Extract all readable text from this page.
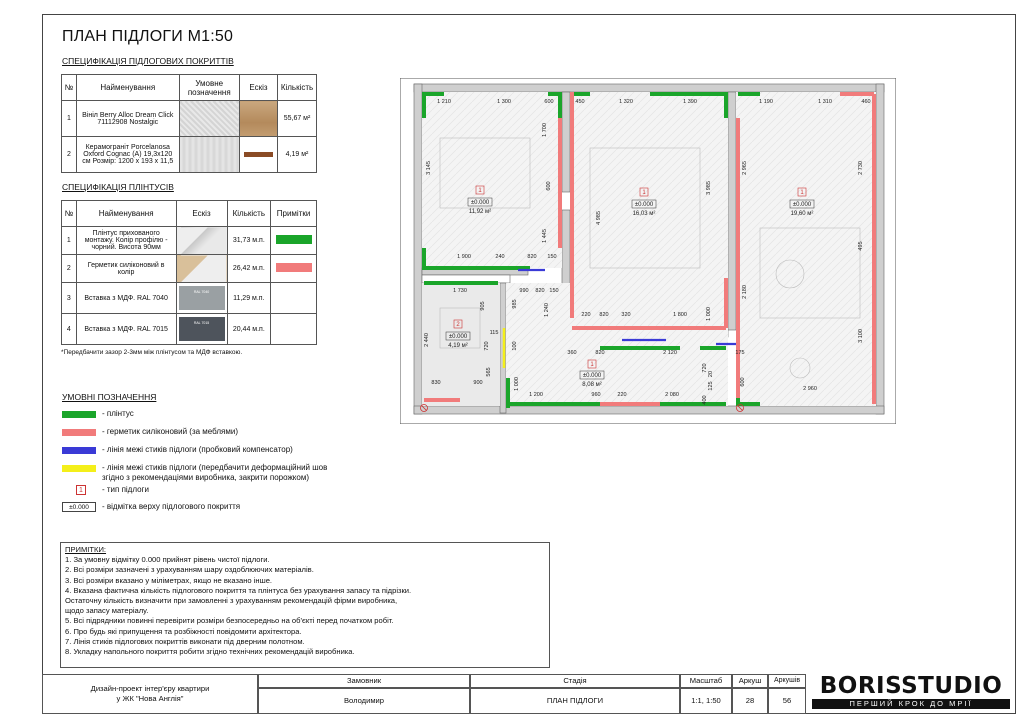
ПЛАН ПІДЛОГИ М1:50
СПЕЦИФІКАЦІЯ ПІДЛОГОВИХ ПОКРИТТІВ
№	Найменування	Умовне позначення	Ескіз	Кількість
1	Вініл Berry Alloc Dream Click 71112908 Nostalgic			55,67 м²
2	Керамограніт Porcelanosa Oxford Cognac (A) 19,3х120 см Розмір: 1200 х 193 х 11,5			4,19 м²
СПЕЦИФІКАЦІЯ ПЛІНТУСІВ
№	Найменування	Ескіз	Кількість	Примітки
1	Плінтус прихованого монтажу. Колір профілю - чорний. Висота 90мм		31,73 м.п.	
2	Герметик силіконовий в колір		26,42 м.п.	
3	Вставка з МДФ. RAL 7040	RAL 7040	11,29 м.п.	
4	Вставка з МДФ. RAL 7015	RAL 7015	20,44 м.п.	
*Передбачити зазор 2-3мм між плінтусом та МДФ вставкою.
УМОВНІ ПОЗНАЧЕННЯ
- плінтус
- герметик силіконовий (за меблями)
- лінія межі стиків підлоги (пробковий компенсатор)
- лінія межі стиків підлоги (передбачити деформаційний шов
згідно з рекомендаціями виробника, закрити порожком)
1	- тип підлоги
±0.000	- відмітка верху підлогового покриття
ПРИМІТКИ:
1. За умовну відмітку 0.000 прийнят рівень чистої підлоги.
2. Всі розміри зазначені з урахуванням шару оздоблюючих матеріалів.
3. Всі розміри вказано у міліметрах, якщо не вказано інше.
4. Вказана фактична кількість підлогового покриття та плінтуса без урахування запасу та підрізки.
Остаточну кількість визначити при замовленні з урахуванням рекомендацій фірми виробника,
щодо запасу матеріалу.
5. Всі підрядники повинні перевірити розміри безпосередньо на об'єкті перед початком робіт.
6. Про будь які припущення та розбіжності повідомити архітектора.
7. Лінія стиків підлогових покриттів виконати під дверним полотном.
8. Укладку напольного покриття робити згідно технічних рекомендацій виробника.
1
±0.000
11,92 м²
1
±0.000
16,03 м²
1
±0.000
19,60 м²
2
±0.000
4,19 м²
1
±0.000
8,08 м²
1 210	1 300	600	450	1 320	1 390	1 190	1 310	460
3 145
1 700
600
4 985
3 985
2 965	2 730
1 900	240	820 150
1 445
495
1 730
905
990 820 150
985	1 240	220 820 320	1 800	1 000
2 180
2 440
115
720	100
360	820	2 120	175
3 100
830	900
565
1 000
1 200	960	220	2 080
720
20
125
400
600
2 960
Дизайн-проект інтер'єру квартири
у ЖК "Нова Англія"
Замовник
Володимир
Стадія
ПЛАН ПІДЛОГИ
Масштаб
1:1, 1:50
Аркуш
28
Аркушів
56
BORISSTUDIO
ПЕРШИЙ КРОК ДО МРІЇ
